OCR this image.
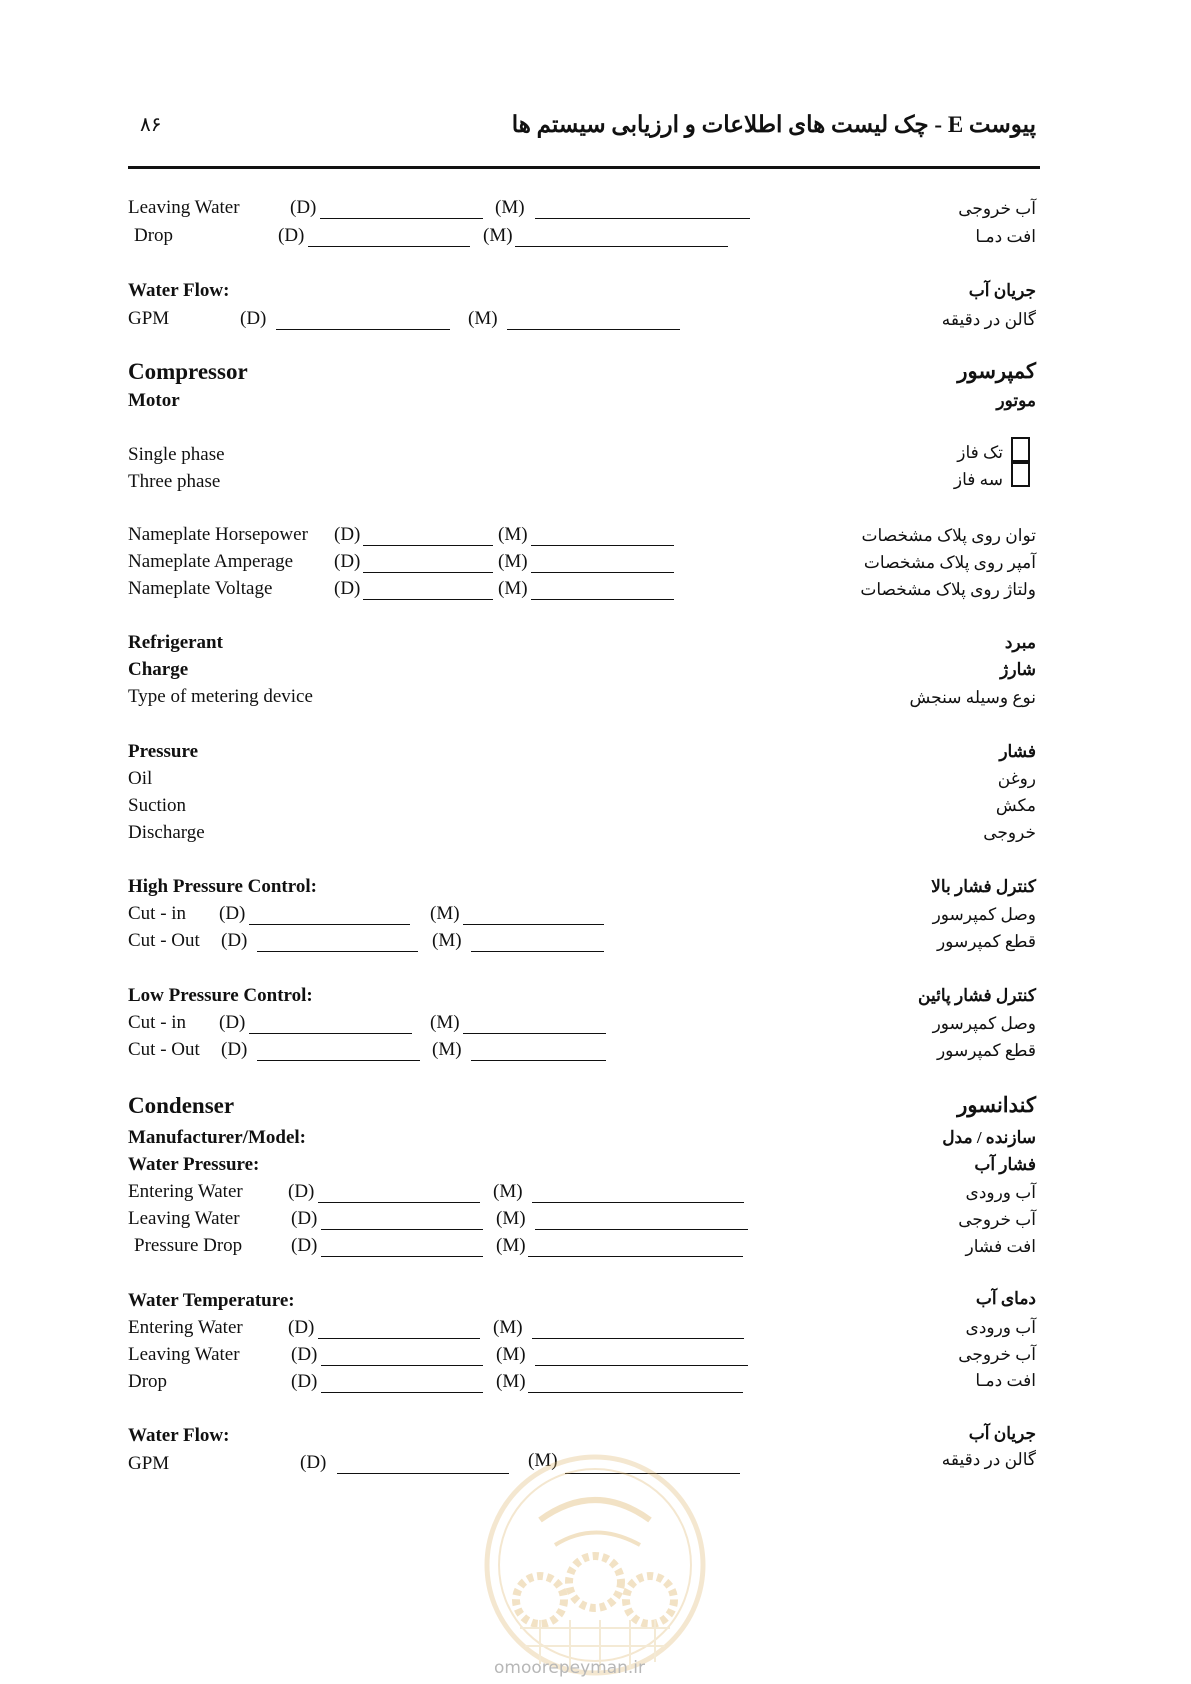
۸۶	پیوست E - چک لیست های اطلاعات و ارزیابی سیستم ها
Leaving Water	(D)	(M)	آب خروجی
Drop	(D)	(M)	افت دمـا
Water Flow:	جریان آب
GPM	(D)	(M)	گالن در دقیقه
Compressor	کمپرسور
Motor	موتور
Single phase	تک فاز
Three phase	سه فاز
Nameplate Horsepower (D)	(M)	توان روی پلاک مشخصات
Nameplate Amperage (D)	(M)	آمپر روی پلاک مشخصات
Nameplate Voltage	(D)	(M)	ولتاژ روی پلاک مشخصات
Refrigerant	مبرد
Charge	شارژ
Type of metering device	نوع وسیله سنجش
Pressure	فشار
Oil	روغن
Suction	مکش
Discharge	خروجی
High Pressure Control:	کنترل فشار بالا
Cut - in (D)	(M)	وصل کمپرسور
Cut - Out (D)	(M)	قطع کمپرسور
Low Pressure Control:	کنترل فشار پائین
Cut - in (D)	(M)	وصل کمپرسور
Cut - Out (D)	(M)	قطع کمپرسور
Condenser	کندانسور
Manufacturer/Model:	سازنده / مدل
Water Pressure:	فشار آب
Entering Water (D)	(M)	آب ورودی
Leaving Water	(D)	(M)	آب خروجی
Pressure Drop	(D)	(M)	افت فشار
Water Temperature:	دمای آب
Entering Water (D)	(M)	آب ورودی
Leaving Water	(D)	(M)	آب خروجی
Drop	(D)	(M)	افت دمـا
Water Flow:	جریان آب
GPM	(D)	(M)	گالن در دقیقه
omoorepeyman.ir
